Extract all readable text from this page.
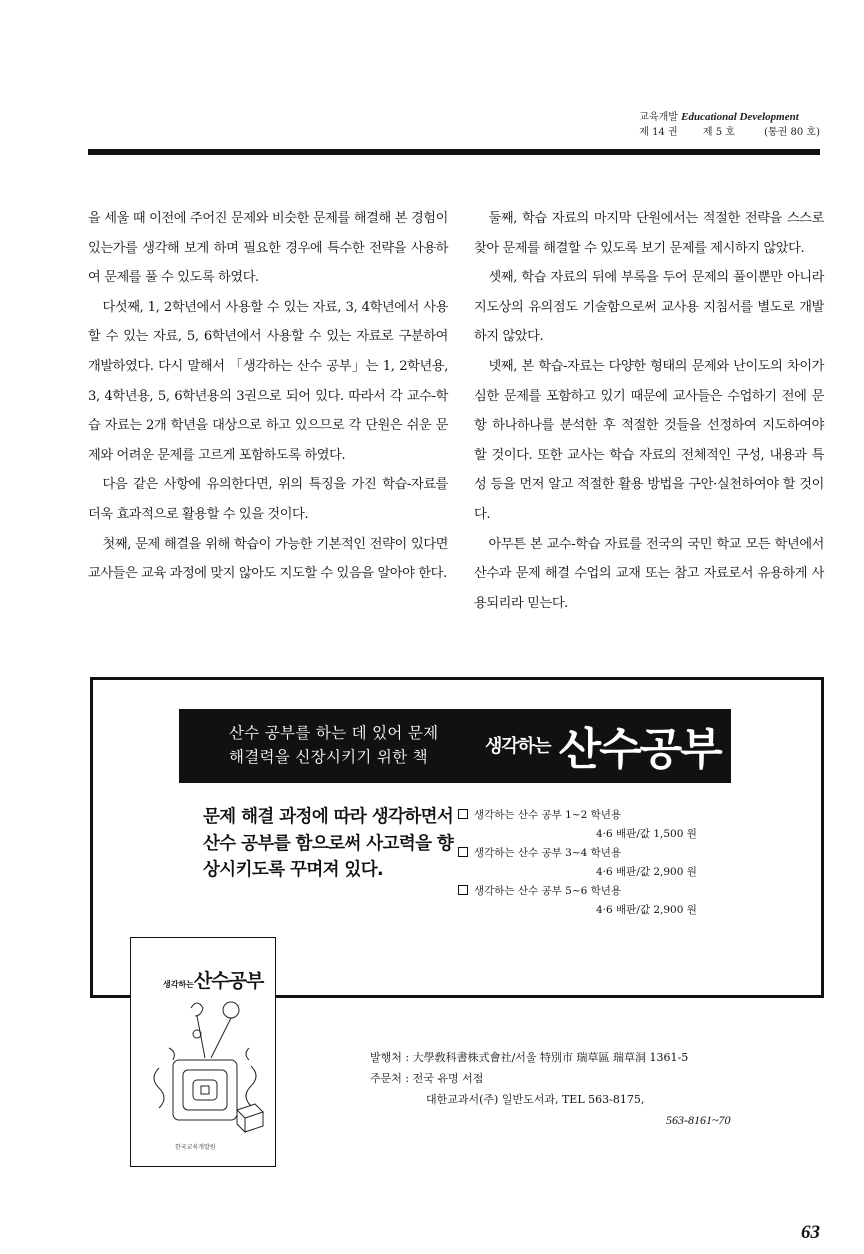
교육개발 Educational Development
제 14 권	제 5 호	(통권 80 호)

을 세울 때 이전에 주어진 문제와 비슷한 문제를 해결해 본 경험이 있는가를 생각해 보게 하며 필요한 경우에 특수한 전략을 사용하여 문제를 풀 수 있도록 하였다.

다섯째, 1, 2학년에서 사용할 수 있는 자료, 3, 4학년에서 사용할 수 있는 자료, 5, 6학년에서 사용할 수 있는 자료로 구분하여 개발하였다. 다시 말해서 「생각하는 산수 공부」는 1, 2학년용, 3, 4학년용, 5, 6학년용의 3권으로 되어 있다. 따라서 각 교수-학습 자료는 2개 학년을 대상으로 하고 있으므로 각 단원은 쉬운 문제와 어려운 문제를 고르게 포함하도록 하였다.

다음 같은 사항에 유의한다면, 위의 특징을 가진 학습-자료를 더욱 효과적으로 활용할 수 있을 것이다.

첫째, 문제 해결을 위해 학습이 가능한 기본적인 전략이 있다면 교사들은 교육 과정에 맞지 않아도 지도할 수 있음을 알아야 한다.

둘째, 학습 자료의 마지막 단원에서는 적절한 전략을 스스로 찾아 문제를 해결할 수 있도록 보기 문제를 제시하지 않았다.

셋째, 학습 자료의 뒤에 부록을 두어 문제의 풀이뿐만 아니라 지도상의 유의점도 기술함으로써 교사용 지침서를 별도로 개발하지 않았다.

넷째, 본 학습-자료는 다양한 형태의 문제와 난이도의 차이가 심한 문제를 포함하고 있기 때문에 교사들은 수업하기 전에 문항 하나하나를 분석한 후 적절한 것들을 선정하여 지도하여야 할 것이다. 또한 교사는 학습 자료의 전체적인 구성, 내용과 특성 등을 먼저 알고 적절한 활용 방법을 구안·실천하여야 할 것이다.

아무튼 본 교수-학습 자료를 전국의 국민 학교 모든 학년에서 산수과 문제 해결 수업의 교재 또는 참고 자료로서 유용하게 사용되리라 믿는다.

산수 공부를 하는 데 있어 문제
해결력을 신장시키기 위한 책	생각하는 산수공부
문제 해결 과정에 따라 생각하면서 산수 공부를 함으로써 사고력을 향상시키도록 꾸며져 있다.
생각하는 산수 공부 1~2 학년용
4·6 배판/값 1,500 원
생각하는 산수 공부 3~4 학년용
4·6 배판/값 2,900 원
생각하는 산수 공부 5~6 학년용
4·6 배판/값 2,900 원
생각하는산수공부
한국교육개발원
발행처 : 大學敎科書株式會社/서울 特別市 瑞草區 瑞草洞 1361-5
주문처 : 전국 유명 서점
대한교과서(주) 일반도서과, TEL 563-8175,
563-8161~70
63
